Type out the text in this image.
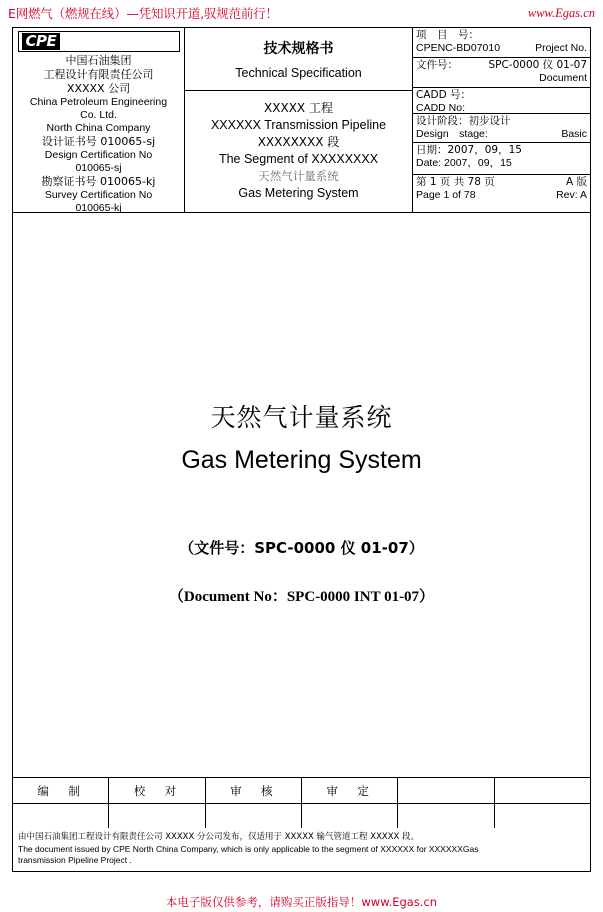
E网燃气（燃规在线）—凭知识开道,驭规范前行！	www.Egas.cn
CPE
中国石油集团
工程设计有限责任公司
XXXXX 公司
China Petroleum Engineering
Co. Ltd.
North China Company
设计证书号 010065-sj
Design Certification No
010065-sj
勘察证书号 010065-kj
Survey Certification No
010065-kj
技术规格书
Technical Specification
XXXXX 工程
XXXXXX Transmission Pipeline
XXXXXXXX 段
The Segment of XXXXXXXX
天然气计量系统
Gas Metering System
项　目　号：
CPENC-BD07010	Project No.
文件号：	SPC-0000 仪 01-07
Document
CADD 号：
CADD No:
设计阶段：初步设计
Design　stage:	Basic
日期：2007，09，15
Date: 2007，09，15
第 1 页 共 78 页	A 版
Page 1 of 78	Rev: A
天然气计量系统
Gas Metering System
（文件号：SPC-0000 仪 01-07）
（Document No：SPC-0000 INT 01-07）
编　制	校　对	审　核	审　定
由中国石油集团工程设计有限责任公司 XXXXX 分公司发布，仅适用于 XXXXX 输气管道工程 XXXXX 段。
The document issued by CPE North China Company, which is only applicable to the segment of XXXXXX for XXXXXXGas
transmission Pipeline Project .
本电子版仅供参考，请购买正版指导！www.Egas.cn
